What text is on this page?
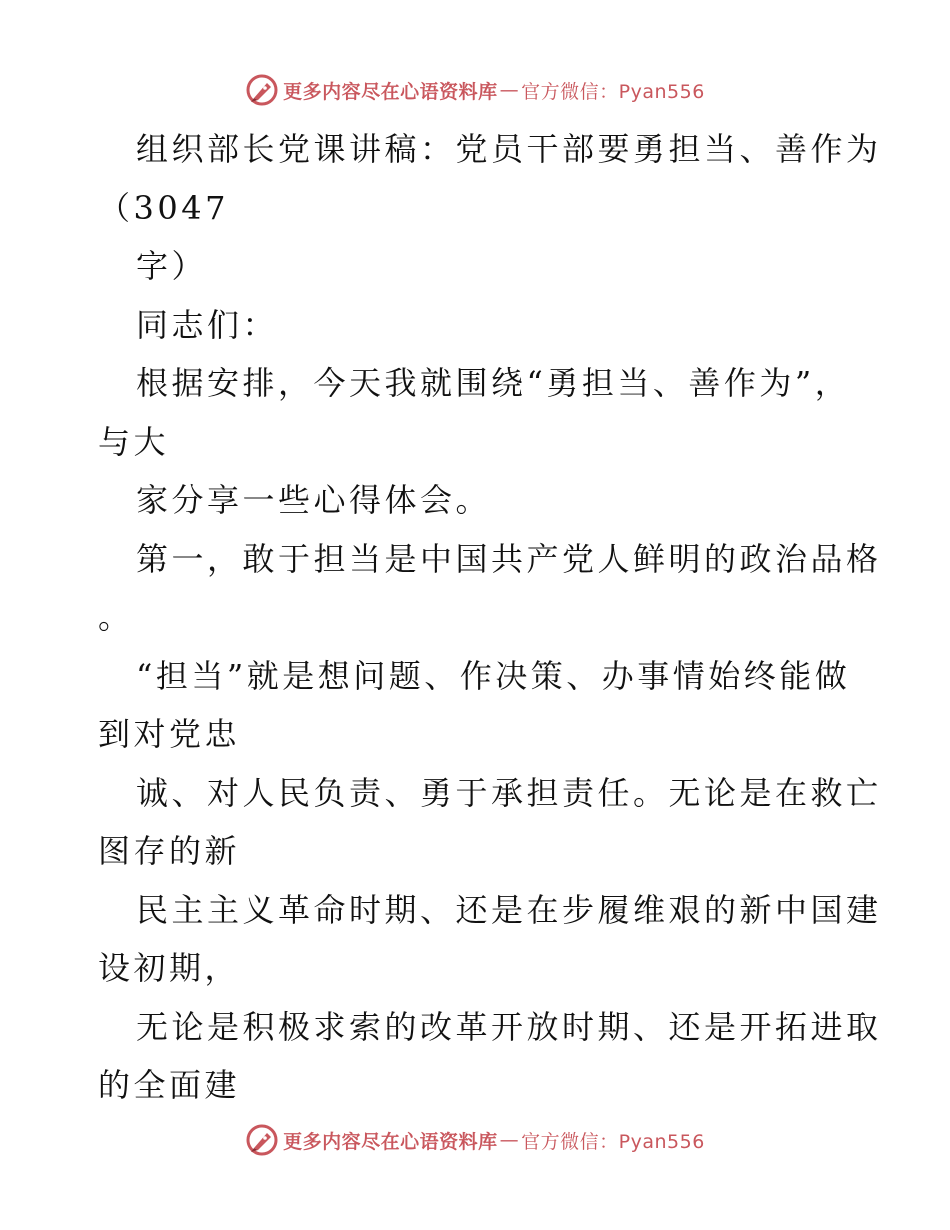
更多内容尽在心语资料库 — 官方微信：Pyan556
组织部长党课讲稿：党员干部要勇担当、善作为
（3047
字）
同志们：
根据安排，今天我就围绕“勇担当、善作为”，
与大
家分享一些心得体会。
第一，敢于担当是中国共产党人鲜明的政治品格
。
“担当”就是想问题、作决策、办事情始终能做
到对党忠
诚、对人民负责、勇于承担责任。无论是在救亡
图存的新
民主主义革命时期、还是在步履维艰的新中国建
设初期，
无论是积极求索的改革开放时期、还是开拓进取
的全面建
更多内容尽在心语资料库 — 官方微信：Pyan556
